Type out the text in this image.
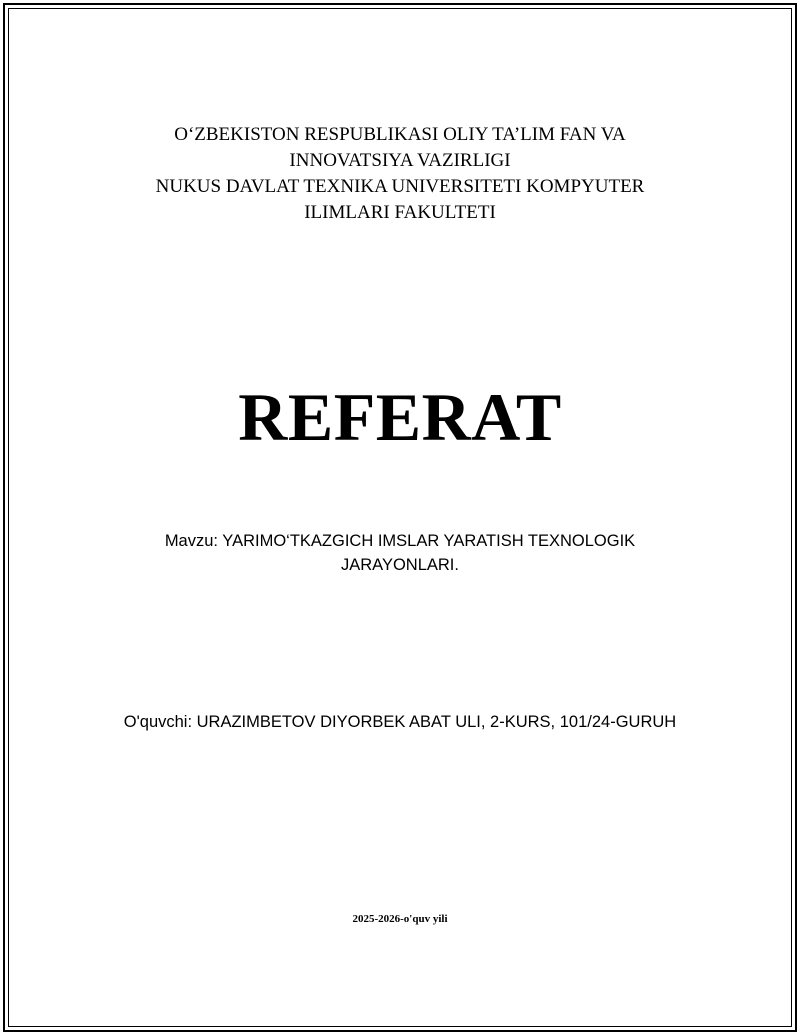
O‘ZBEKISTON RESPUBLIKASI OLIY TA’LIM FAN VA
INNOVATSIYA VAZIRLIGI
NUKUS DAVLAT TEXNIKA UNIVERSITETI KOMPYUTER
ILIMLARI FAKULTETI
REFERAT
Mavzu: YARIMO‘TKAZGICH IMSLAR YARATISH TEXNOLOGIK JARAYONLARI.
O'quvchi: URAZIMBETOV DIYORBEK ABAT ULI, 2-KURS, 101/24-GURUH
2025-2026-o'quv yili
